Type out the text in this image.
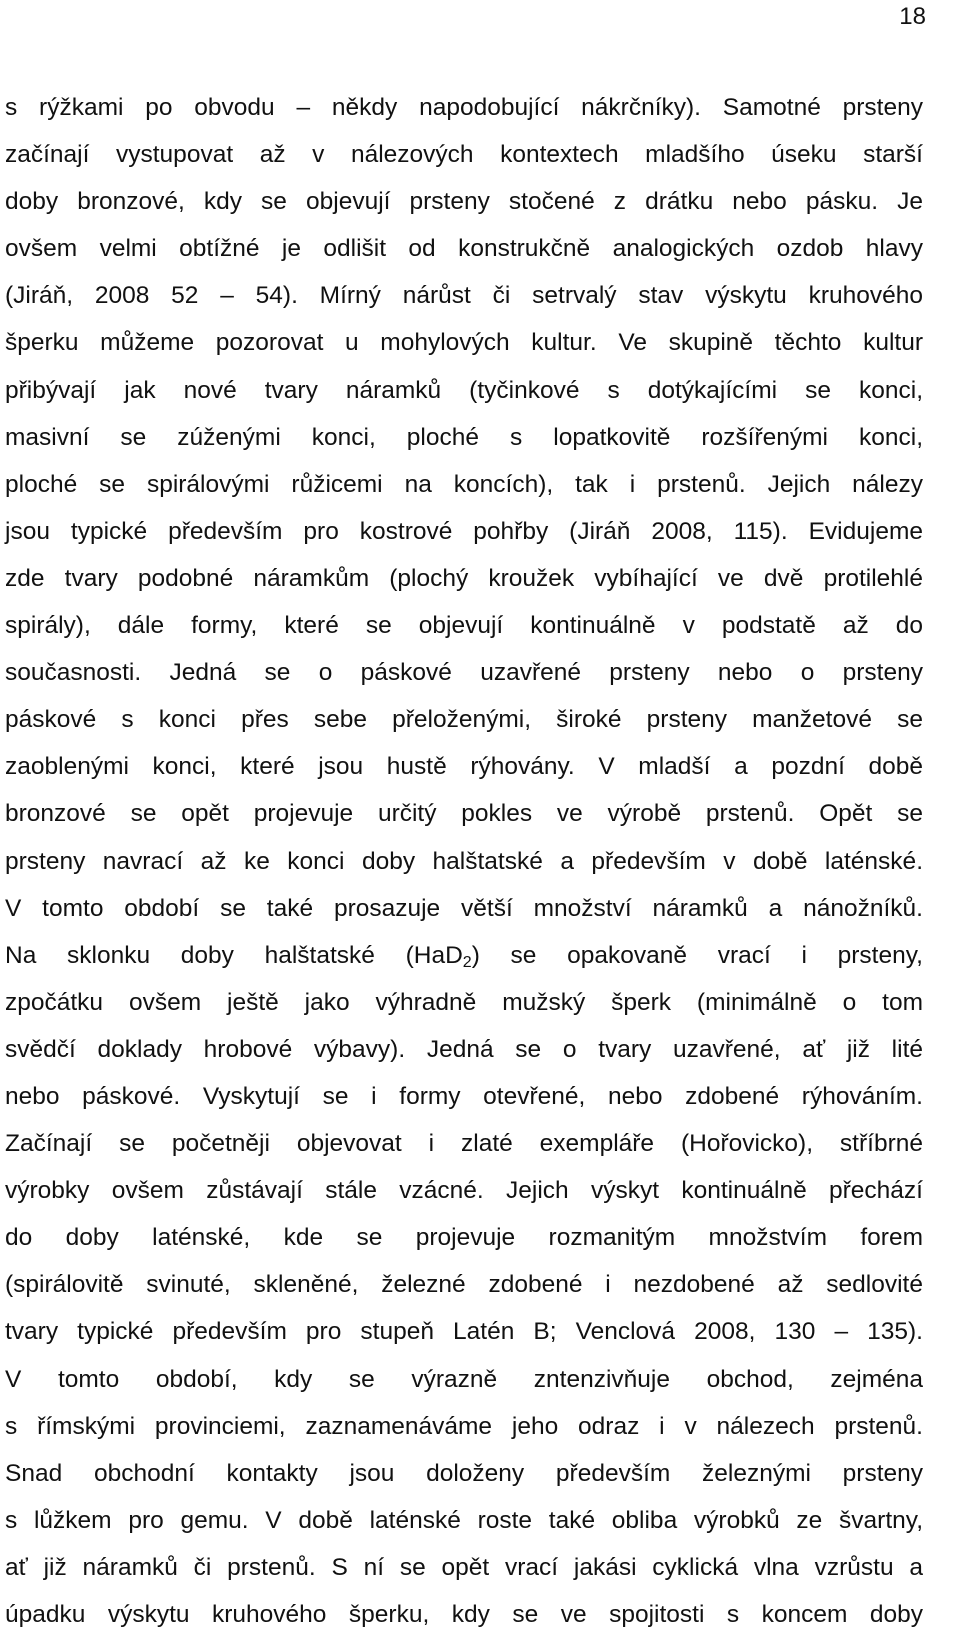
18
s rýžkami po obvodu – někdy napodobující nákrčníky). Samotné prsteny
začínají vystupovat až v nálezových kontextech mladšího úseku starší
doby bronzové, kdy se objevují prsteny stočené z drátku nebo pásku. Je
ovšem velmi obtížné je odlišit od konstrukčně analogických ozdob hlavy
(Jiráň, 2008 52 – 54). Mírný nárůst či setrvalý stav výskytu kruhového
šperku můžeme pozorovat u mohylových kultur. Ve skupině těchto kultur
přibývají jak nové tvary náramků (tyčinkové s dotýkajícími se konci,
masivní se zúženými konci, ploché s lopatkovitě rozšířenými konci,
ploché se spirálovými růžicemi na koncích), tak i prstenů. Jejich nálezy
jsou typické především pro kostrové pohřby (Jiráň 2008, 115). Evidujeme
zde tvary podobné náramkům (plochý kroužek vybíhající ve dvě protilehlé
spirály), dále formy, které se objevují kontinuálně v podstatě až do
současnosti. Jedná se o páskové uzavřené prsteny nebo o prsteny
páskové s konci přes sebe přeloženými, široké prsteny manžetové se
zaoblenými konci, které jsou hustě rýhovány. V mladší a pozdní době
bronzové se opět projevuje určitý pokles ve výrobě prstenů. Opět se
prsteny navrací až ke konci doby halštatské a především v době laténské.
V tomto období se také prosazuje větší množství náramků a nánožníků.
Na sklonku doby halštatské (HaD$_2$) se opakovaně vrací i prsteny,
zpočátku ovšem ještě jako výhradně mužský šperk (minimálně o tom
svědčí doklady hrobové výbavy). Jedná se o tvary uzavřené, ať již lité
nebo páskové. Vyskytují se i formy otevřené, nebo zdobené rýhováním.
Začínají se početněji objevovat i zlaté exempláře (Hořovicko), stříbrné
výrobky ovšem zůstávají stále vzácné. Jejich výskyt kontinuálně přechází
do doby laténské, kde se projevuje rozmanitým množstvím forem
(spirálovitě svinuté, skleněné, železné zdobené i nezdobené až sedlovité
tvary typické především pro stupeň Latén B; Venclová 2008, 130 – 135).
V tomto období, kdy se výrazně zntenzivňuje obchod, zejména
s římskými provinciemi, zaznamenáváme jeho odraz i v nálezech prstenů.
Snad obchodní kontakty jsou doloženy především železnými prsteny
s lůžkem pro gemu. V době laténské roste také obliba výrobků ze švartny,
ať již náramků či prstenů. S ní se opět vrací jakási cyklická vlna vzrůstu a
úpadku výskytu kruhového šperku, kdy se ve spojitosti s koncem doby
